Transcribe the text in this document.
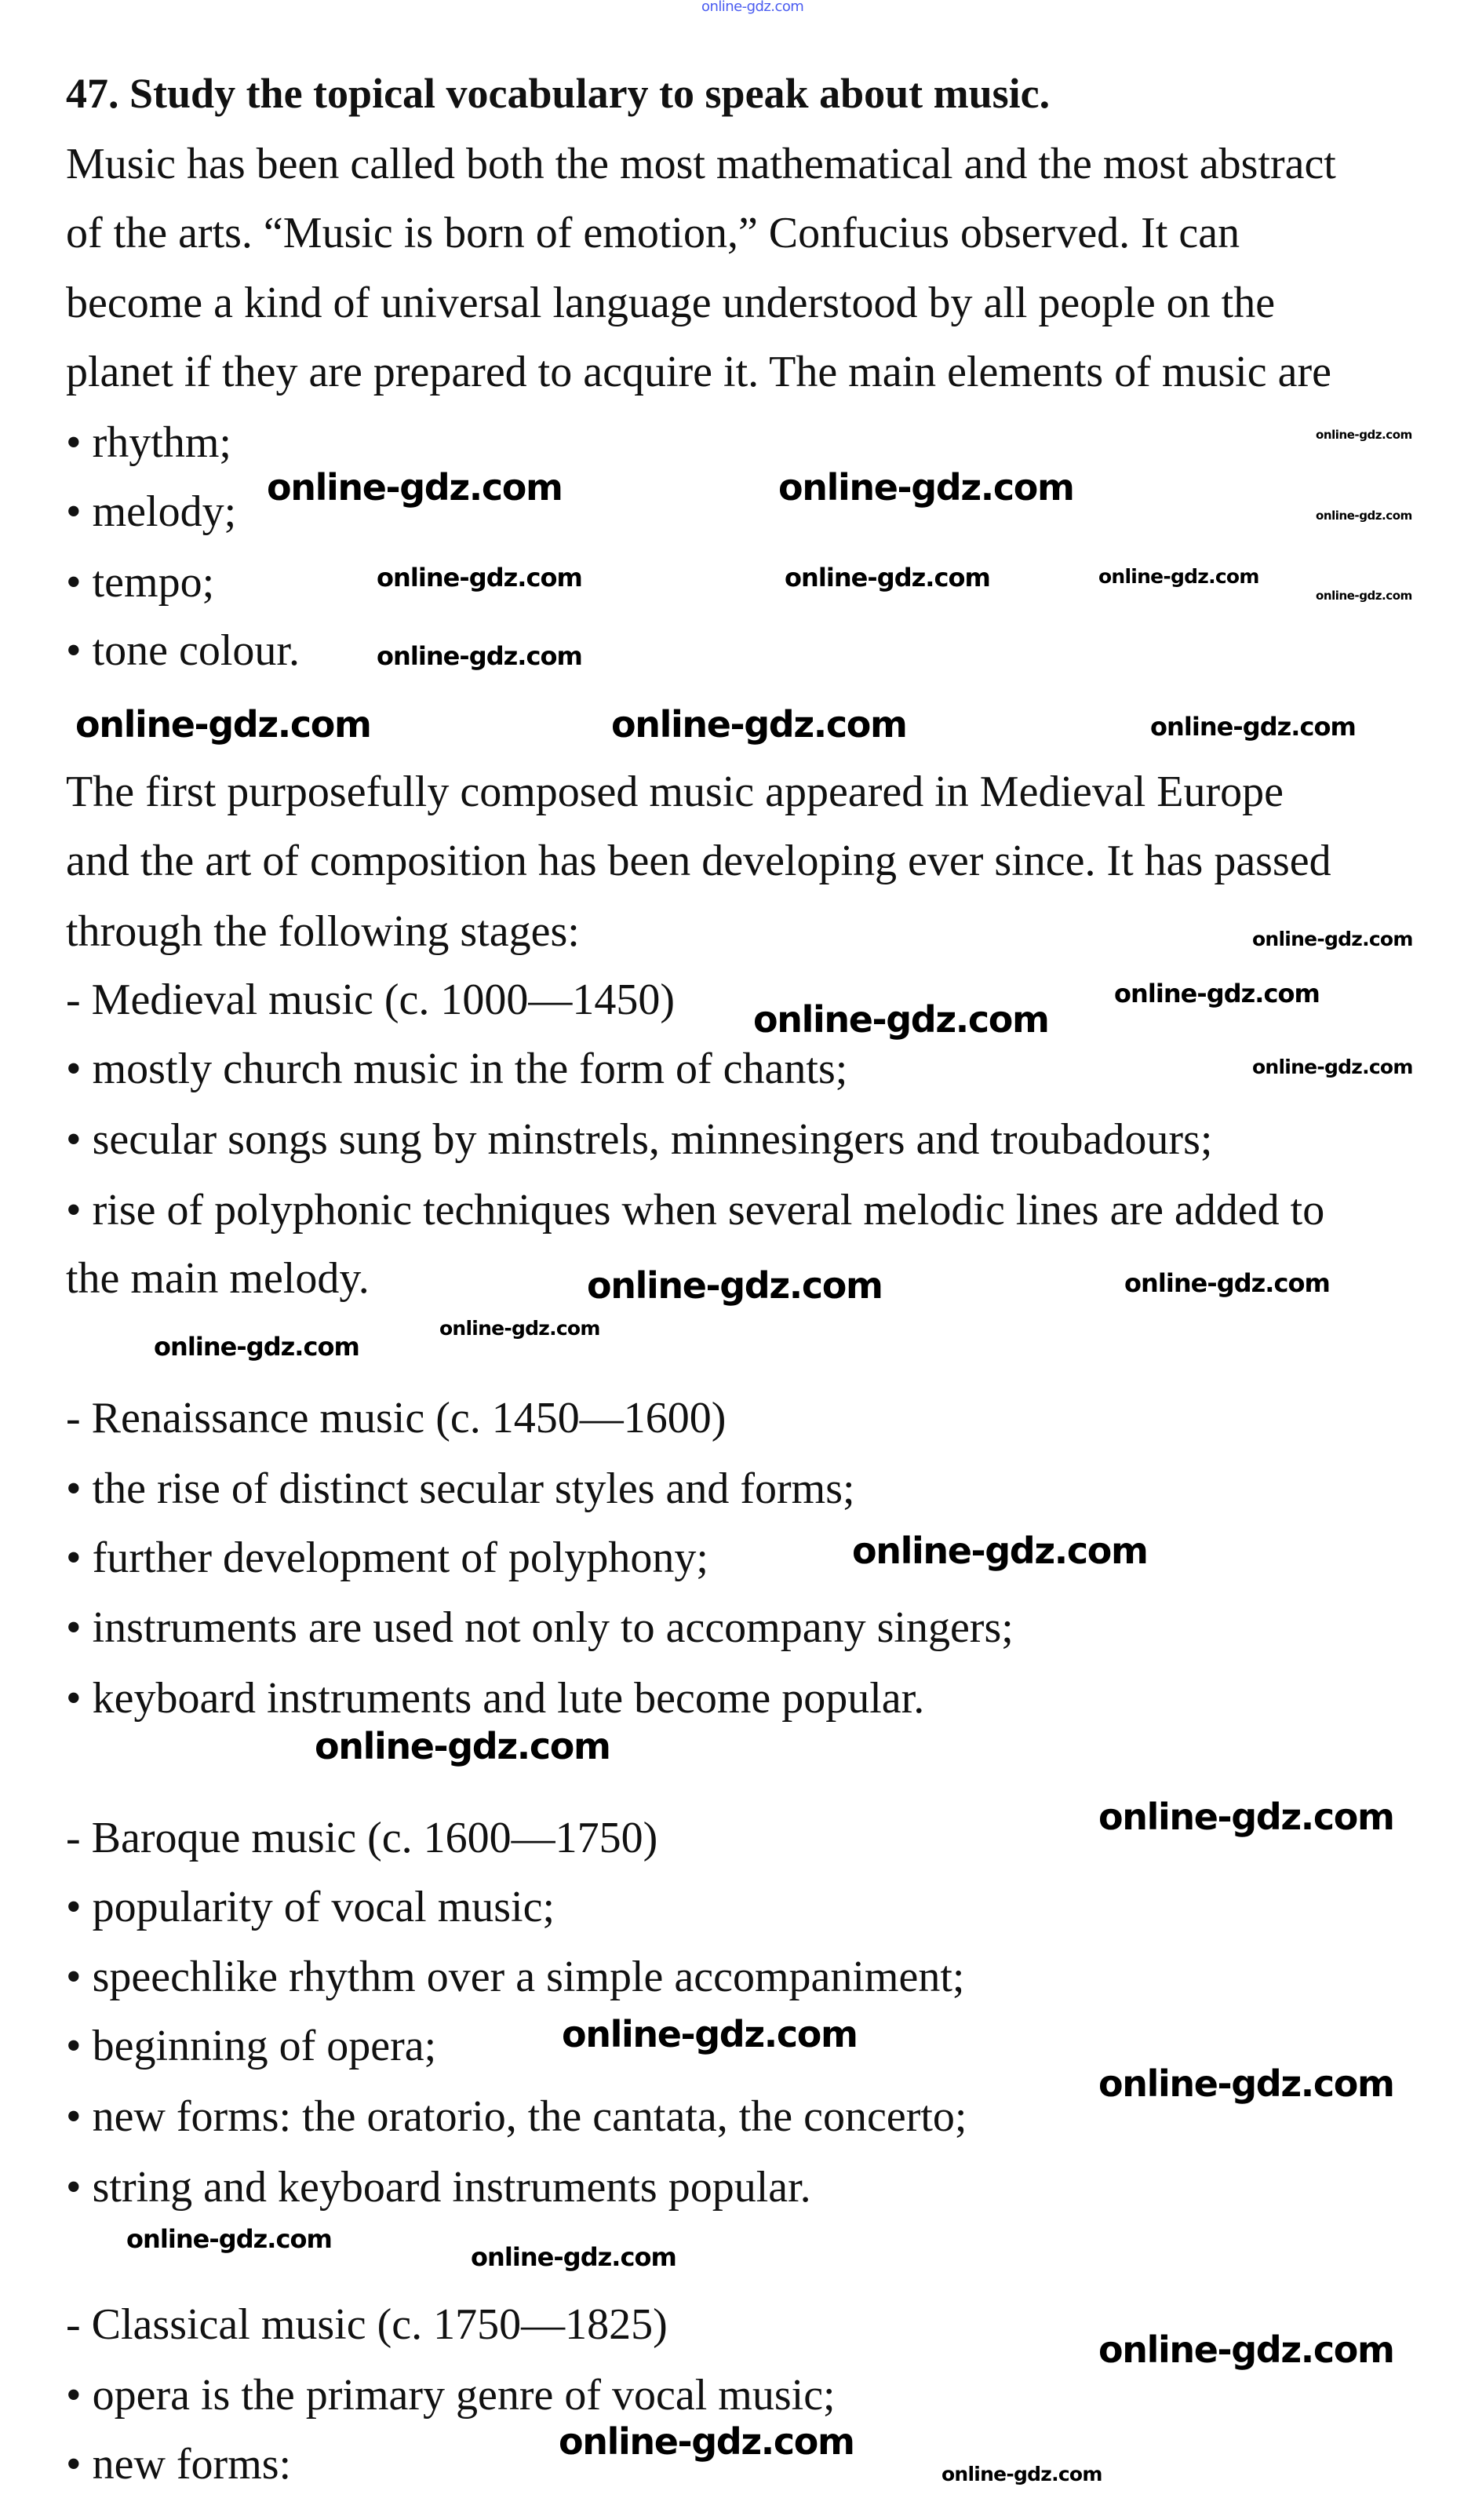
47. Study the topical vocabulary to speak about music.
Music has been called both the most mathematical and the most abstract
of the arts. “Music is born of emotion,” Confucius observed. It can
become a kind of universal language understood by all people on the
planet if they are prepared to acquire it. The main elements of music are
• rhythm;
• melody;
• tempo;
• tone colour.
The first purposefully composed music appeared in Medieval Europe
and the art of composition has been developing ever since. It has passed
through the following stages:
- Medieval music (c. 1000—1450)
• mostly church music in the form of chants;
• secular songs sung by minstrels, minnesingers and troubadours;
• rise of polyphonic techniques when several melodic lines are added to
the main melody.
- Renaissance music (c. 1450—1600)
• the rise of distinct secular styles and forms;
• further development of polyphony;
• instruments are used not only to accompany singers;
• keyboard instruments and lute become popular.
- Baroque music (c. 1600—1750)
• popularity of vocal music;
• speechlike rhythm over a simple accompaniment;
• beginning of opera;
• new forms: the oratorio, the cantata, the concerto;
• string and keyboard instruments popular.
- Classical music (c. 1750—1825)
• opera is the primary genre of vocal music;
• new forms:
online-gdz.com
online-gdz.com	online-gdz.com	online-gdz.com
online-gdz.com
online-gdz.com
online-gdz.com	online-gdz.com
online-gdz.com
online-gdz.com
online-gdz.com	online-gdz.com	online-gdz.com
online-gdz.com
online-gdz.com
online-gdz.com
online-gdz.com
online-gdz.com
online-gdz.com	online-gdz.com
online-gdz.com
online-gdz.com
online-gdz.com
online-gdz.com
online-gdz.com
online-gdz.com
online-gdz.com
online-gdz.com
online-gdz.com
online-gdz.com
online-gdz.com
